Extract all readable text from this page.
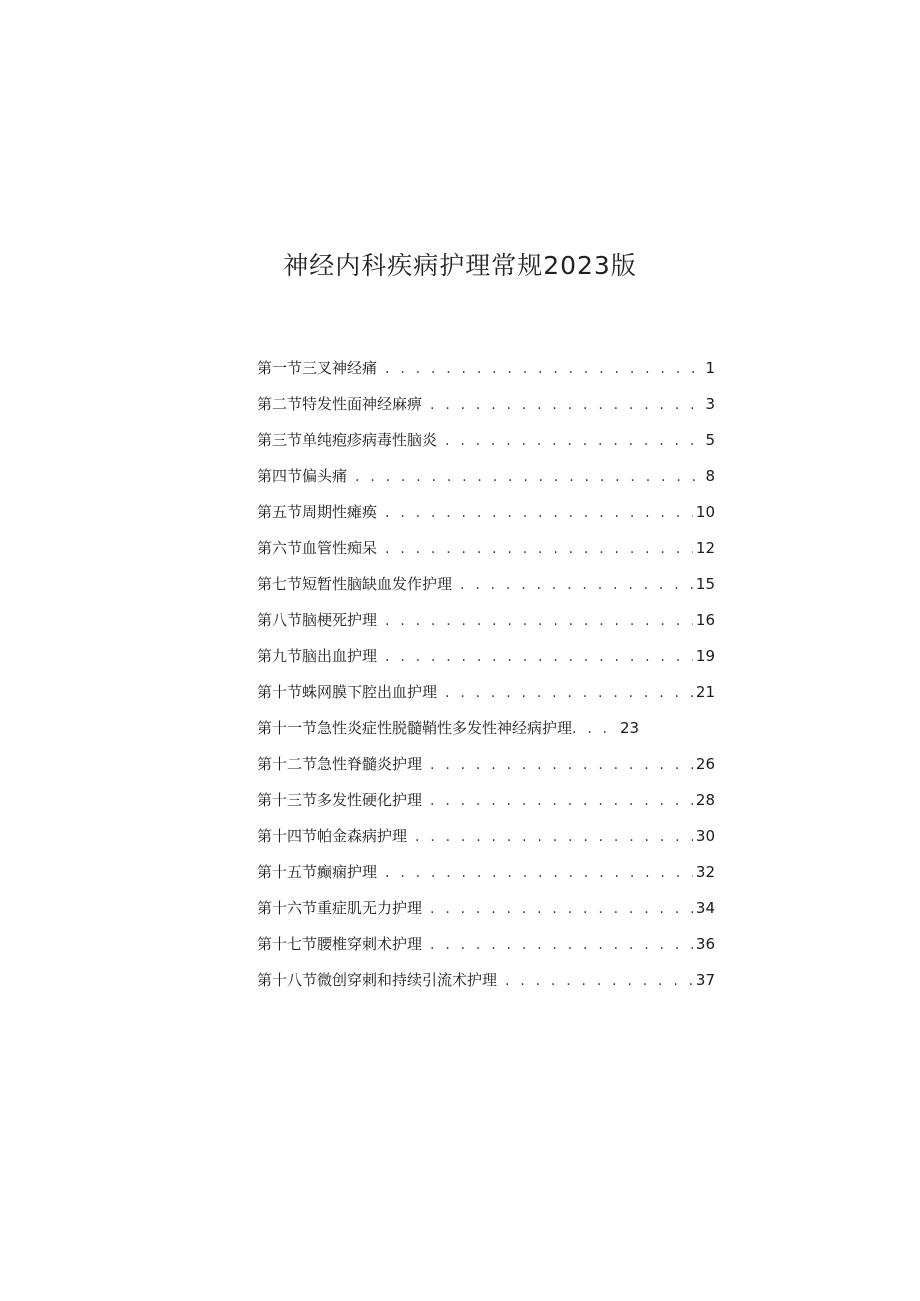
神经内科疾病护理常规2023版
第一节三叉神经痛 . . .	1
第二节特发性面神经麻痹 . . .	3
第三节单纯疱疹病毒性脑炎 . . .	5
第四节偏头痛 . . .	8
第五节周期性瘫痪 . . .	10
第六节血管性痴呆 . . .	12
第七节短暂性脑缺血发作护理 . . .	15
第八节脑梗死护理 . . .	16
第九节脑出血护理 . . .	19
第十节蛛网膜下腔出血护理 . . .	21
第十一节急性炎症性脱髓鞘性多发性神经病护理 . . .	23
第十二节急性脊髓炎护理 . . .	26
第十三节多发性硬化护理 . . .	28
第十四节帕金森病护理 . . .	30
第十五节癫痫护理 . . .	32
第十六节重症肌无力护理 . . .	34
第十七节腰椎穿刺术护理 . . .	36
第十八节微创穿刺和持续引流术护理 . . .	37
